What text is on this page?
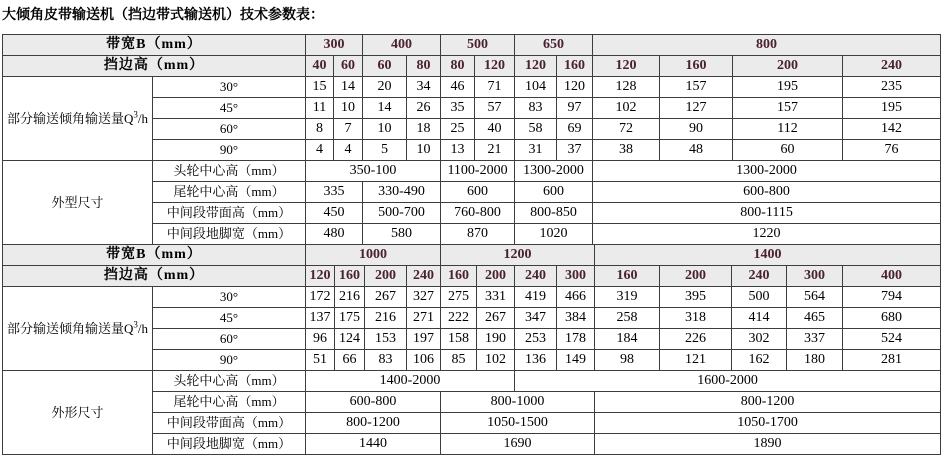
大倾角皮带输送机（挡边带式输送机）技术参数表：
带宽B（mm）		300		400		500		650		800			
挡边高（mm）		40	60	60	80	80	120	120	160	120	160	200	240
部分输送倾角输送量$Q^3/h$	30°	15	14	20	34	46	71	104	120	128	157	195	235
	45°	11	10	14	26	35	57	83	97	102	127	157	195
	60°	8	7	10	18	25	40	58	69	72	90	112	142
	90°	4	4	5	10	13	21	31	37	38	48	60	76
外型尺寸	头轮中心高（mm）	350-100				1100-2000		1300-2000		1300-2000			
	尾轮中心高（mm）	335		330-490		600		600		600-800			
	中间段带面高（mm）	450		500-700		760-800		800-850		800-1115			
	中间段地脚宽（mm）	480		580		870		1020		1220			
带宽B（mm）		1000				1200				1400				
挡边高（mm）		120	160	200	240	160	200	240	300	160	200	240	300	400
部分输送倾角输送量$Q^3/h$	30°	172	216	267	327	275	331	419	466	319	395	500	564	794
	45°	137	175	216	271	222	267	347	384	258	318	414	465	680
	60°	96	124	153	197	158	190	253	178	184	226	302	337	524
	90°	51	66	83	106	85	102	136	149	98	121	162	180	281
外形尺寸	头轮中心高（mm）	1400-2000						1600-2000						
	尾轮中心高（mm）	600-800				800-1000				800-1200				
	中间段带面高（mm）	800-1200				1050-1500				1050-1700				
	中间段地脚宽（mm）	1440				1690				1890				
